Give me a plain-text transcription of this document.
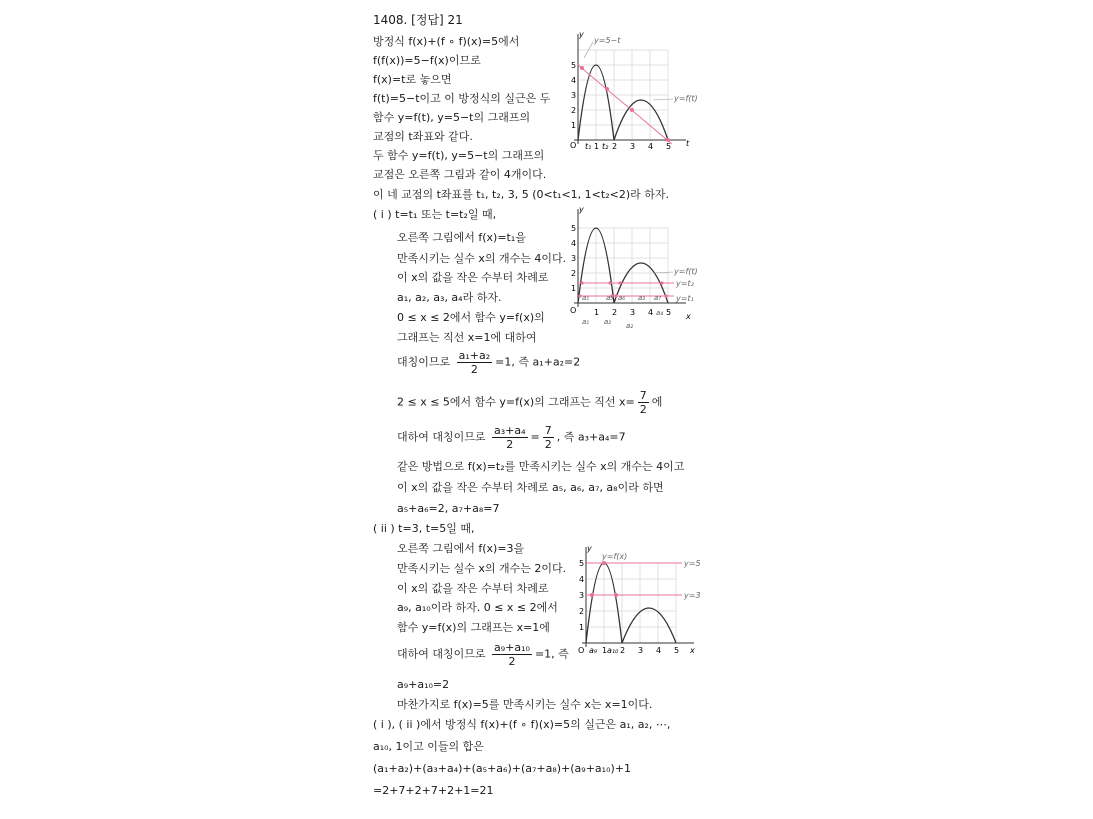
1408. [정답] 21
방정식 f(x)+(f ∘ f)(x)=5에서
f(f(x))=5−f(x)이므로
f(x)=t로 놓으면
f(t)=5−t이고 이 방정식의 실근은 두
함수 y=f(t), y=5−t의 그래프의
교점의 t좌표와 같다.
두 함수 y=f(t), y=5−t의 그래프의
교점은 오른쪽 그림과 같이 4개이다.
이 네 교점의 t좌표를 t₁, t₂, 3, 5 (0<t₁<1, 1<t₂<2)라 하자.
( i ) t=t₁ 또는 t=t₂일 때,
오른쪽 그림에서 f(x)=t₁을
만족시키는 실수 x의 개수는 4이다.
이 x의 값을 작은 수부터 차례로
a₁, a₂, a₃, a₄라 하자.
0 ≤ x ≤ 2에서 함수 y=f(x)의
그래프는 직선 x=1에 대하여
대칭이므로 $\frac{\text{a₁+a₂}}{2} =1$, 즉 a₁+a₂=2
2 ≤ x ≤ 5에서 함수 y=f(x)의 그래프는 직선 $x= \frac{7}{2}$ 에
대하여 대칭이므로 $\frac{\text{a₃+a₄}}{2} = \frac{7}{2}$ , 즉 a₃+a₄=7
같은 방법으로 f(x)=t₂를 만족시키는 실수 x의 개수는 4이고
이 x의 값을 작은 수부터 차례로 a₅, a₆, a₇, a₈이라 하면
a₅+a₆=2, a₇+a₈=7
( ii ) t=3, t=5일 때,
오른쪽 그림에서 f(x)=3을
만족시키는 실수 x의 개수는 2이다.
이 x의 값을 작은 수부터 차례로
a₉, a₁₀이라 하자. 0 ≤ x ≤ 2에서
함수 y=f(x)의 그래프는 x=1에
대하여 대칭이므로 $\frac{\text{a₉+a₁₀}}{2} =1$, 즉
a₉+a₁₀=2
마찬가지로 f(x)=5를 만족시키는 실수 x는 x=1이다.
( i ), ( ii )에서 방정식 f(x)+(f ∘ f)(x)=5의 실근은 a₁, a₂, ⋯,
a₁₀, 1이고 이들의 합은
(a₁+a₂)+(a₃+a₄)+(a₅+a₆)+(a₇+a₈)+(a₉+a₁₀)+1
=2+7+2+7+2+1=21
y
t
O
1
2
3
4
5
t₁ 1 t₂ 2 3 4 5
y=5−t
y=f(t)
y
x
O
1
2
3
4
5
1 2 3 4 5
y=f(t)
y=t₂
y=t₁
a₁ a₅ a₆ a₃ a₇
a₁ a₂ a₂
a₄
y
x
O
1
2
3
4
5
a₉ 1 a₁₀ 2 3 4 5
y=f(x)
y=5
y=3
